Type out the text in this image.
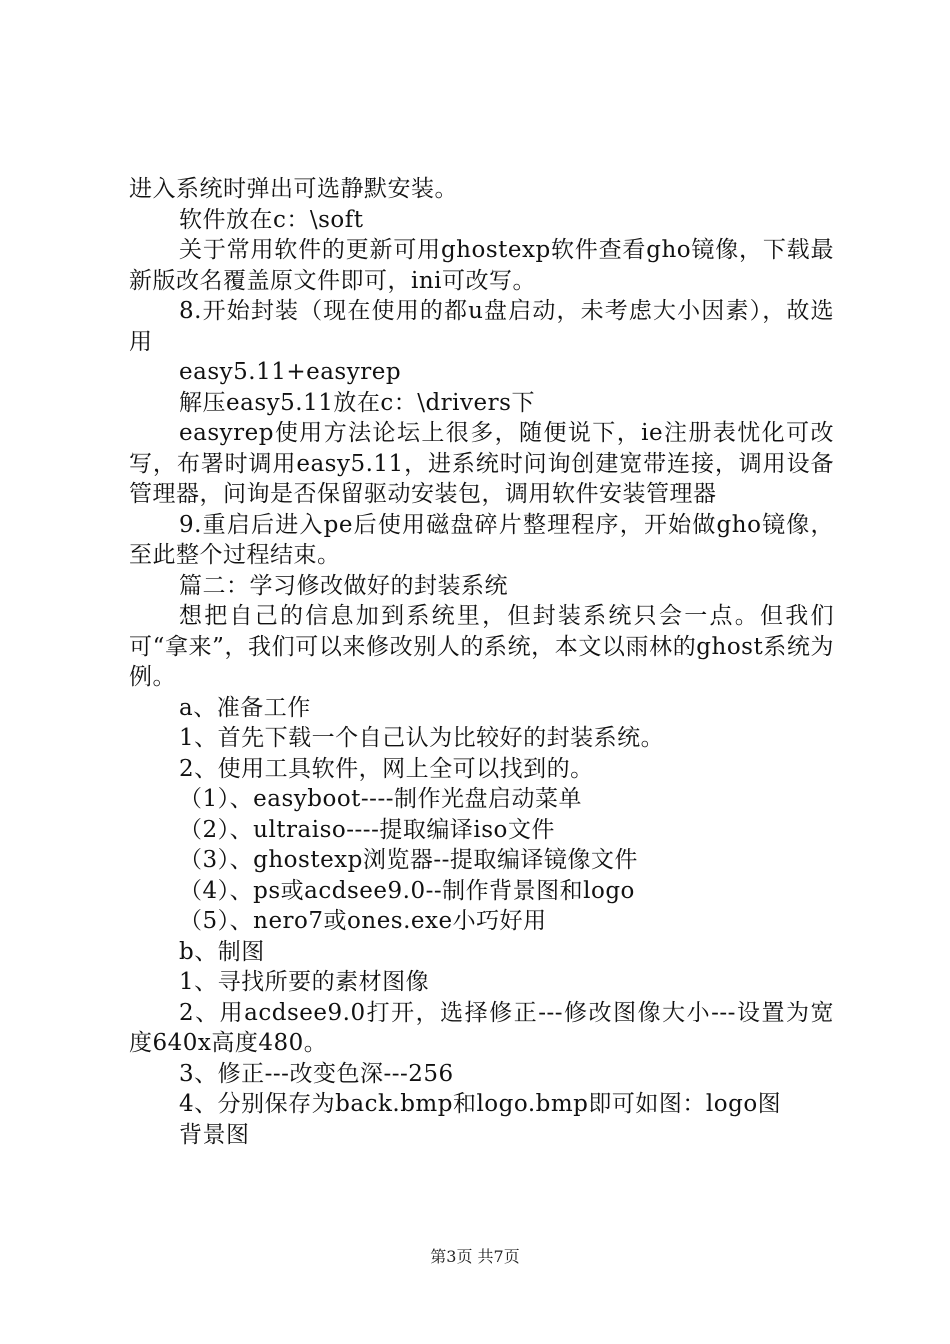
进入系统时弹出可选静默安装。

软件放在c：\soft

关于常用软件的更新可用ghostexp软件查看gho镜像，下载最新版改名覆盖原文件即可，ini可改写。

8.开始封装（现在使用的都u盘启动，未考虑大小因素），故选用

easy5.11+easyrep

解压easy5.11放在c：\drivers下

easyrep使用方法论坛上很多，随便说下，ie注册表忧化可改写，布署时调用easy5.11，进系统时问询创建宽带连接，调用设备管理器，问询是否保留驱动安装包，调用软件安装管理器

9.重启后进入pe后使用磁盘碎片整理程序，开始做gho镜像，至此整个过程结束。

篇二：学习修改做好的封装系统

想把自己的信息加到系统里，但封装系统只会一点。但我们可“拿来”，我们可以来修改别人的系统，本文以雨林的ghost系统为例。

a、准备工作

1、首先下载一个自己认为比较好的封装系统。

2、使用工具软件，网上全可以找到的。

（1）、easyboot----制作光盘启动菜单

（2）、ultraiso----提取编译iso文件

（3）、ghostexp浏览器--提取编译镜像文件

（4）、ps或acdsee9.0--制作背景图和logo

（5）、nero7或ones.exe小巧好用

b、制图

1、寻找所要的素材图像

2、用acdsee9.0打开，选择修正---修改图像大小---设置为宽度640x高度480。

3、修正---改变色深---256

4、分别保存为back.bmp和logo.bmp即可如图：logo图

背景图

第3页 共7页
